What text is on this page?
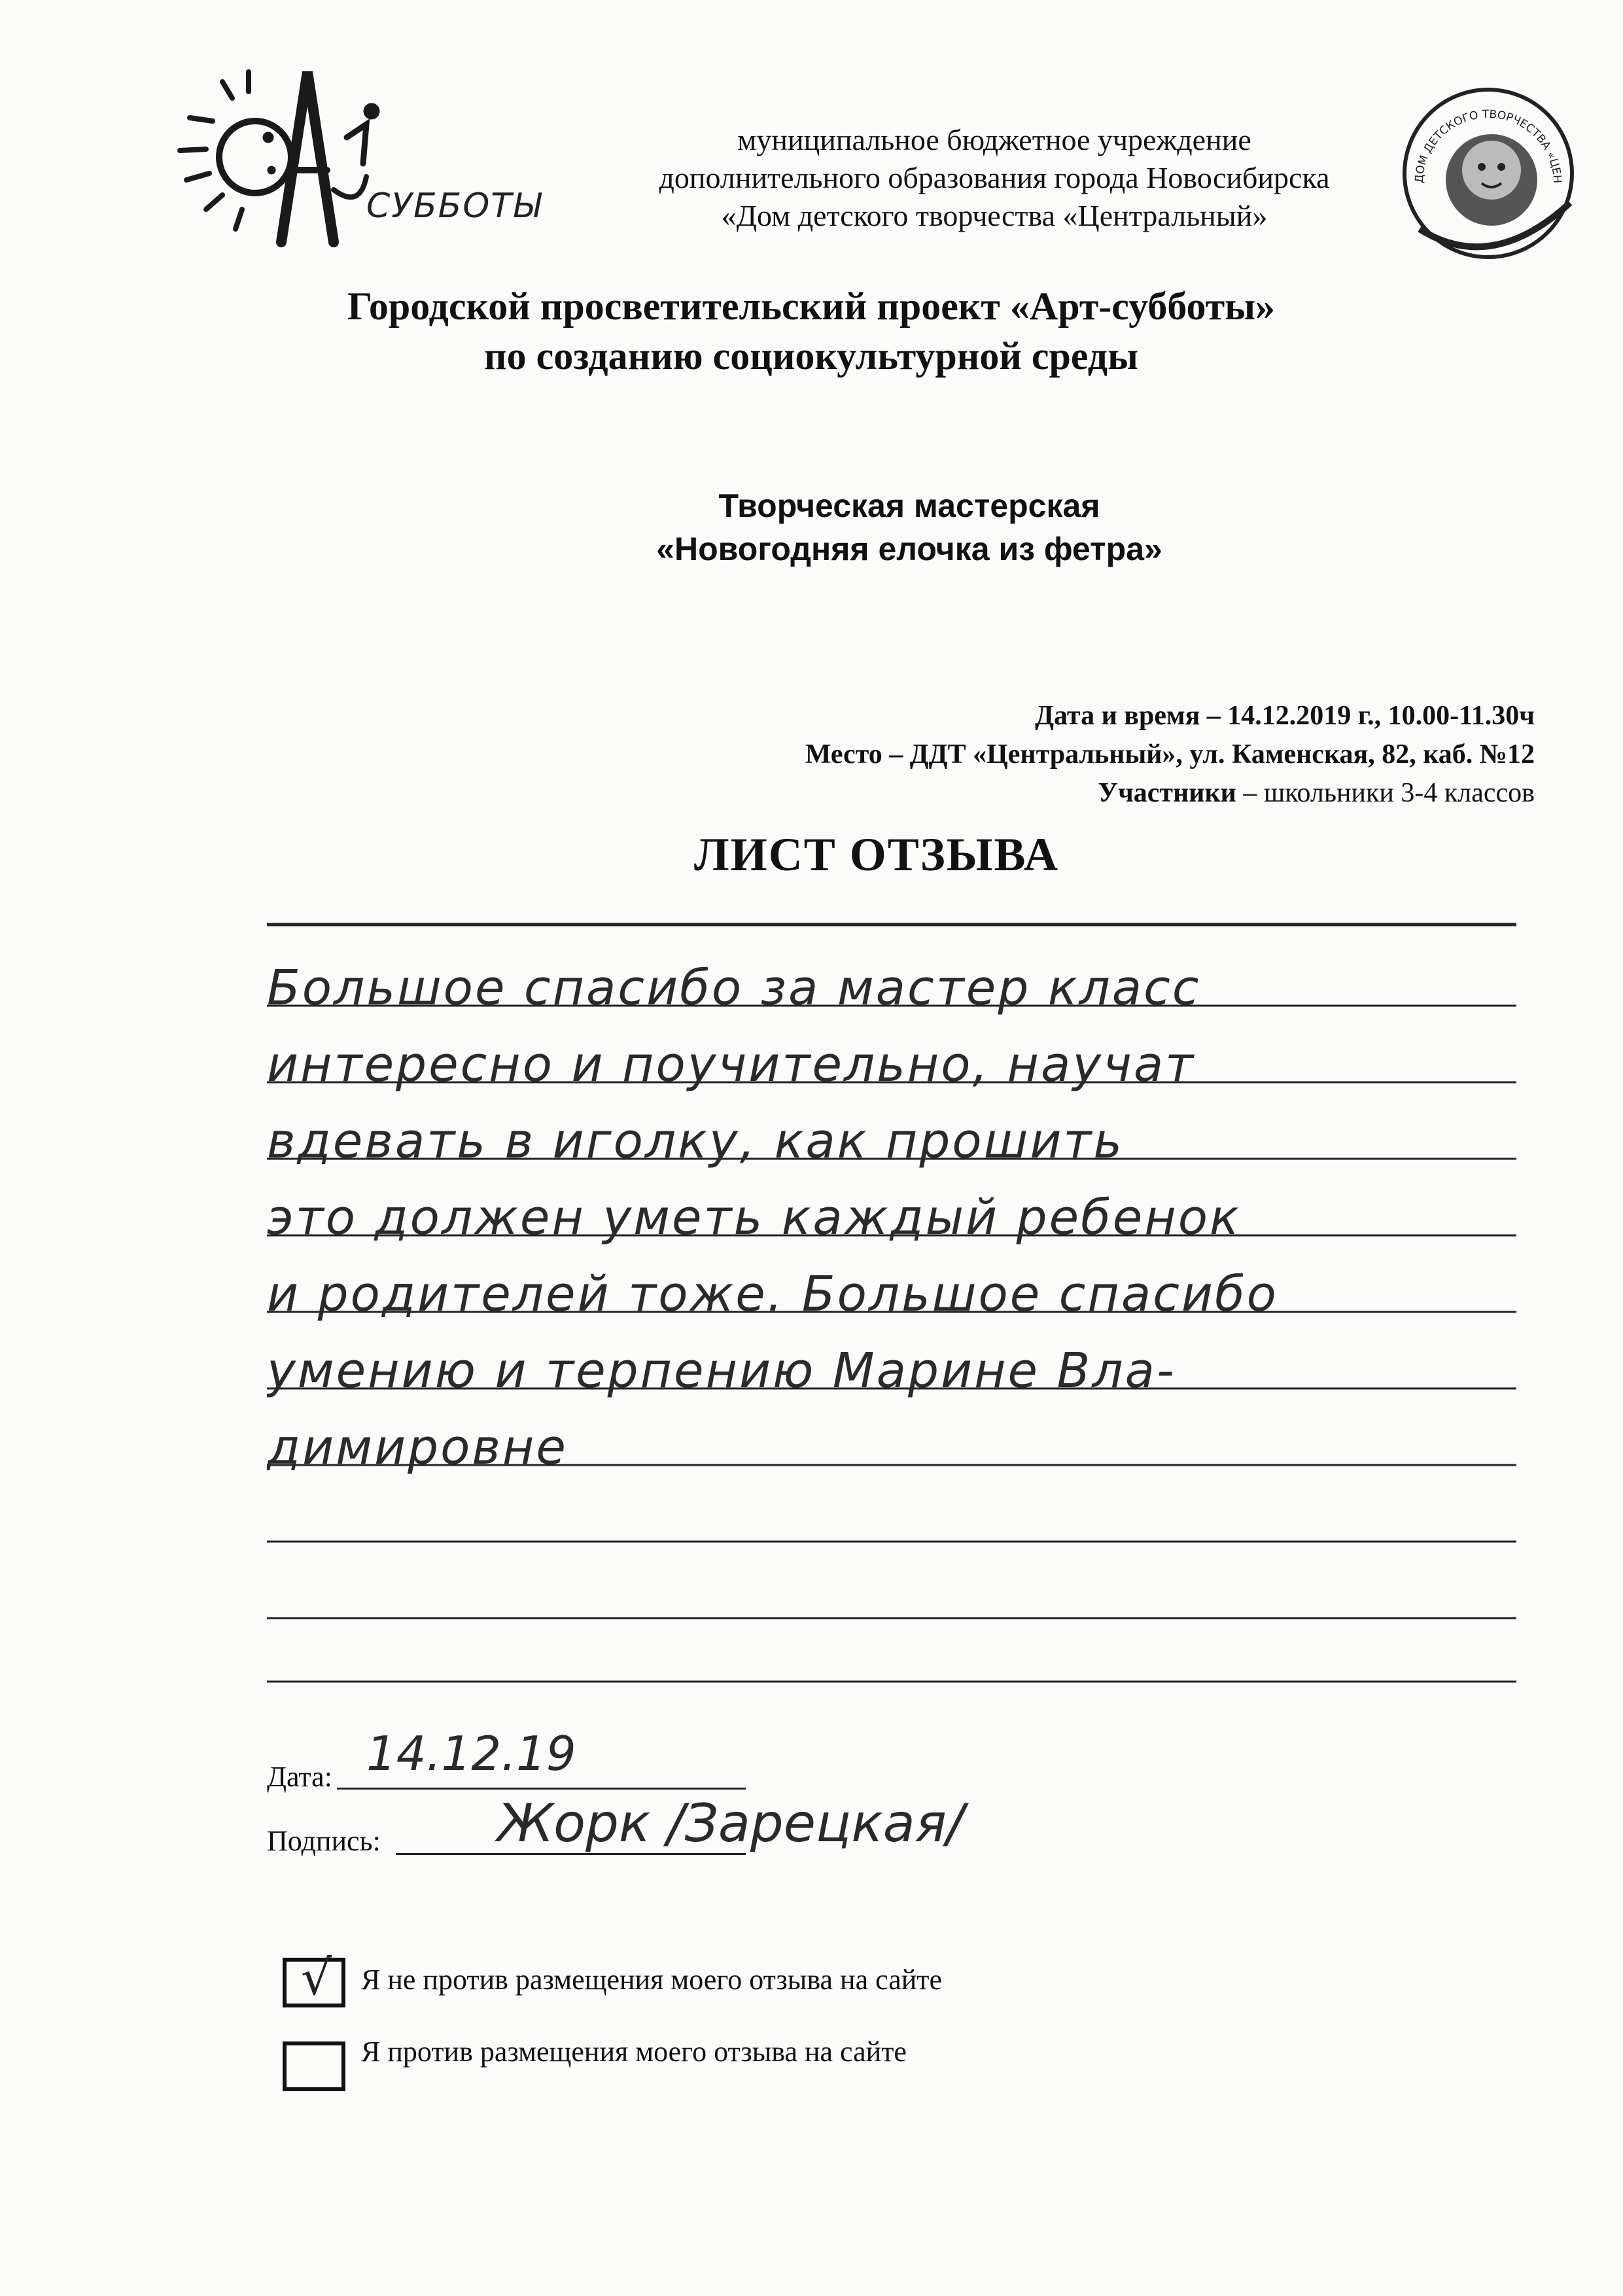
СУББОТЫ
ДОМ ДЕТСКОГО ТВОРЧЕСТВА «ЦЕН
муниципальное бюджетное учреждение
дополнительного образования города Новосибирска
«Дом детского творчества «Центральный»
Городской просветительский проект «Арт-субботы»
по созданию социокультурной среды
Творческая мастерская
«Новогодняя елочка из фетра»
Дата и время – 14.12.2019 г., 10.00-11.30ч
Место – ДДТ «Центральный», ул. Каменская, 82, каб. №12
Участники – школьники 3-4 классов
ЛИСТ ОТЗЫВА
Большое спасибо за мастер класс
интересно и поучительно, научат
вдевать в иголку, как прошить
это должен уметь каждый ребенок
и родителей тоже. Большое спасибо
умению и терпению Марине Вла-
димировне
Дата: 14.12.19
Подпись: Жорк /Зарецкая/
√ Я не против размещения моего отзыва на сайте
Я против размещения моего отзыва на сайте
